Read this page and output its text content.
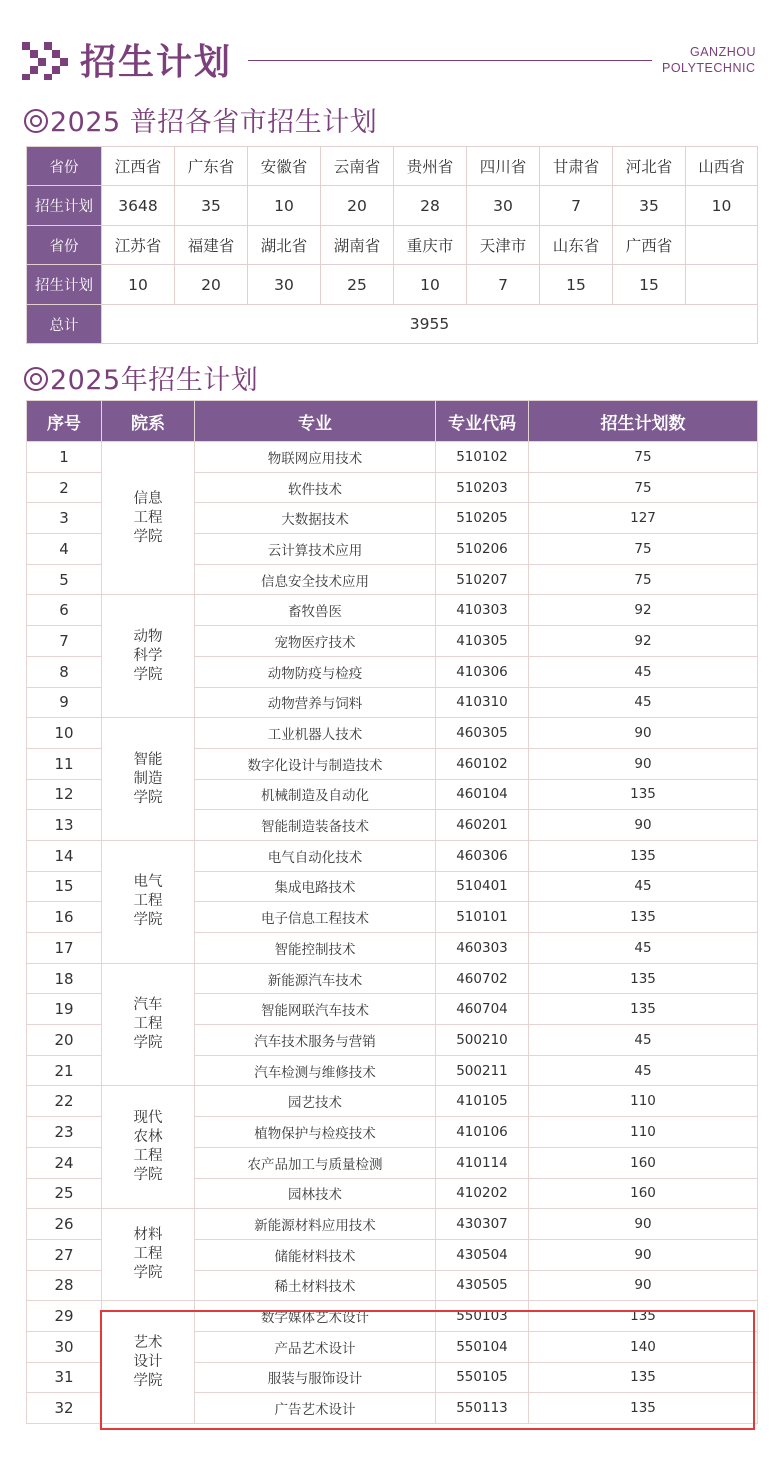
招生计划	GANZHOU
POLYTECHNIC
2025 普招各省市招生计划
省份	江西省	广东省	安徽省	云南省	贵州省	四川省	甘肃省	河北省	山西省
招生计划	3648	35	10	20	28	30	7	35	10
省份	江苏省	福建省	湖北省	湖南省	重庆市	天津市	山东省	广西省	
招生计划	10	20	30	25	10	7	15	15	
总计	3955								
2025年招生计划
序号	院系	专业	专业代码	招生计划数
1	信息
工程
学院	物联网应用技术	510102	75
2		软件技术	510203	75
3		大数据技术	510205	127
4		云计算技术应用	510206	75
5		信息安全技术应用	510207	75
6	动物
科学
学院	畜牧兽医	410303	92
7		宠物医疗技术	410305	92
8		动物防疫与检疫	410306	45
9		动物营养与饲料	410310	45
10	智能
制造
学院	工业机器人技术	460305	90
11		数字化设计与制造技术	460102	90
12		机械制造及自动化	460104	135
13		智能制造装备技术	460201	90
14	电气
工程
学院	电气自动化技术	460306	135
15		集成电路技术	510401	45
16		电子信息工程技术	510101	135
17		智能控制技术	460303	45
18	汽车
工程
学院	新能源汽车技术	460702	135
19		智能网联汽车技术	460704	135
20		汽车技术服务与营销	500210	45
21		汽车检测与维修技术	500211	45
22	现代
农林
工程
学院	园艺技术	410105	110
23		植物保护与检疫技术	410106	110
24		农产品加工与质量检测	410114	160
25		园林技术	410202	160
26	材料
工程
学院	新能源材料应用技术	430307	90
27		储能材料技术	430504	90
28		稀土材料技术	430505	90
29	艺术
设计
学院	数字媒体艺术设计	550103	135
30		产品艺术设计	550104	140
31		服装与服饰设计	550105	135
32		广告艺术设计	550113	135
